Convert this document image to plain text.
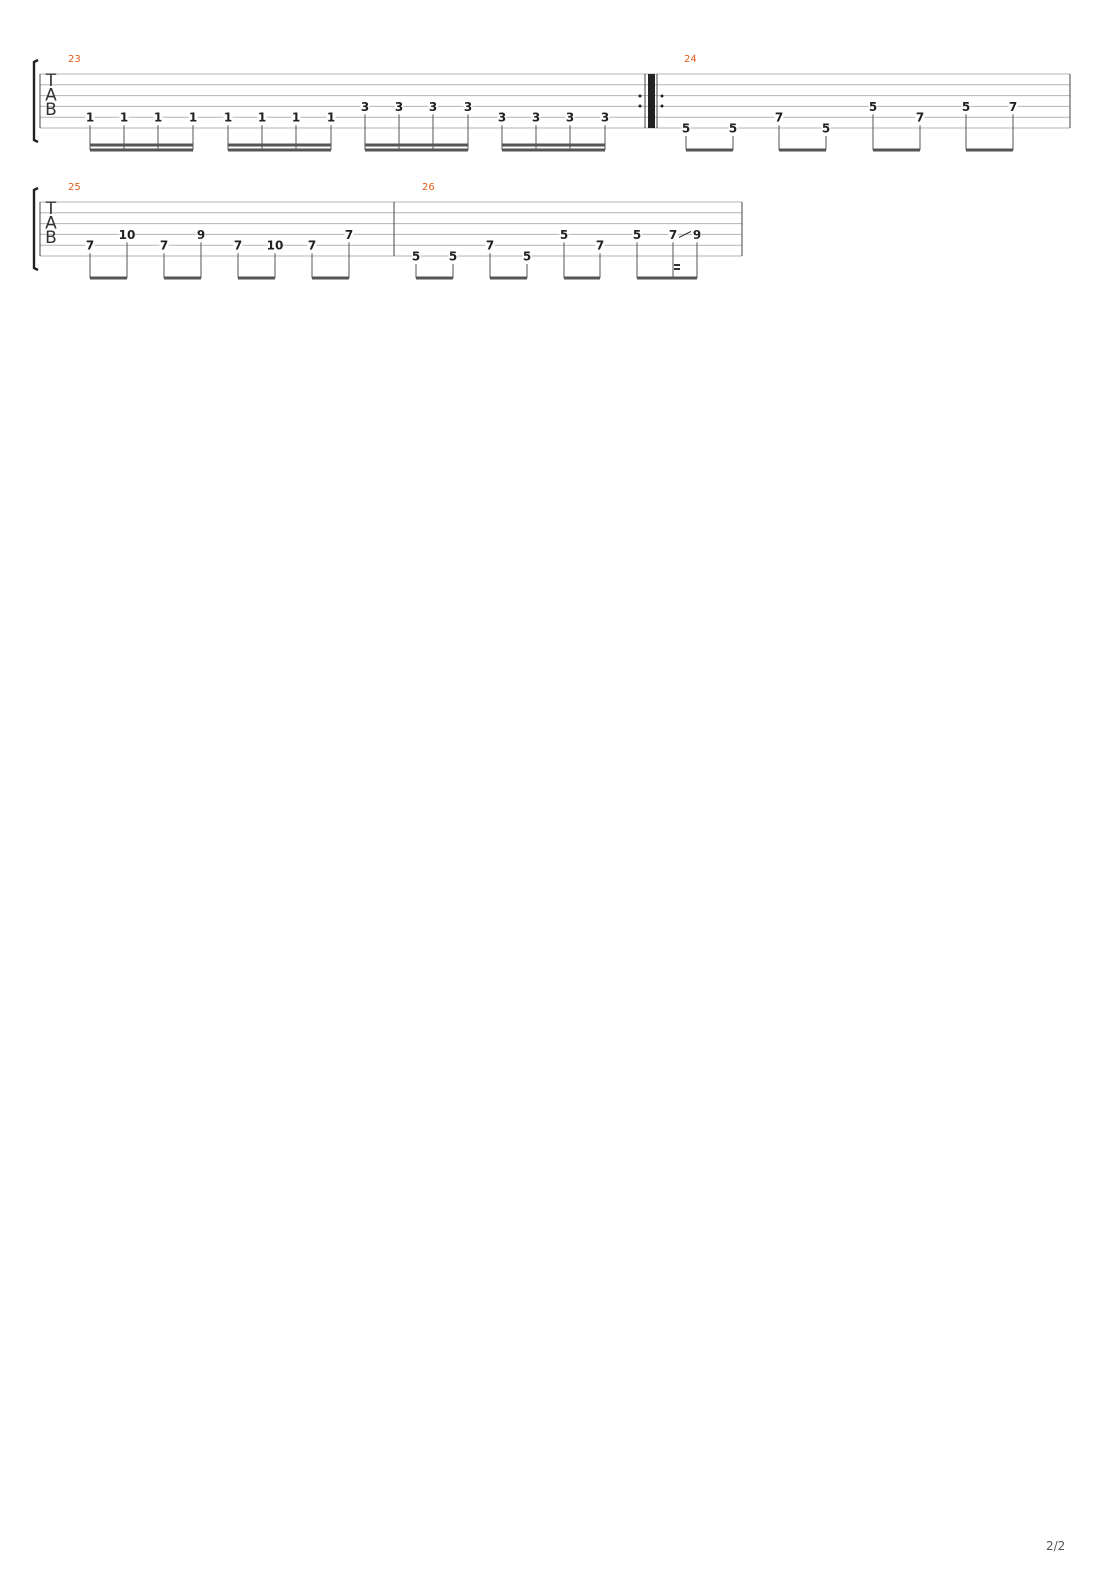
T
A
B
23
1 1 1 1 1 1 1 1
3 3 3 3
3 3 3 3
24
5	5
7
5
5
7
5	7
T
A
B
25
7
10
7
9
7 10 7
7
26
5 5
7
5
5
7
5 7 9
2/2
